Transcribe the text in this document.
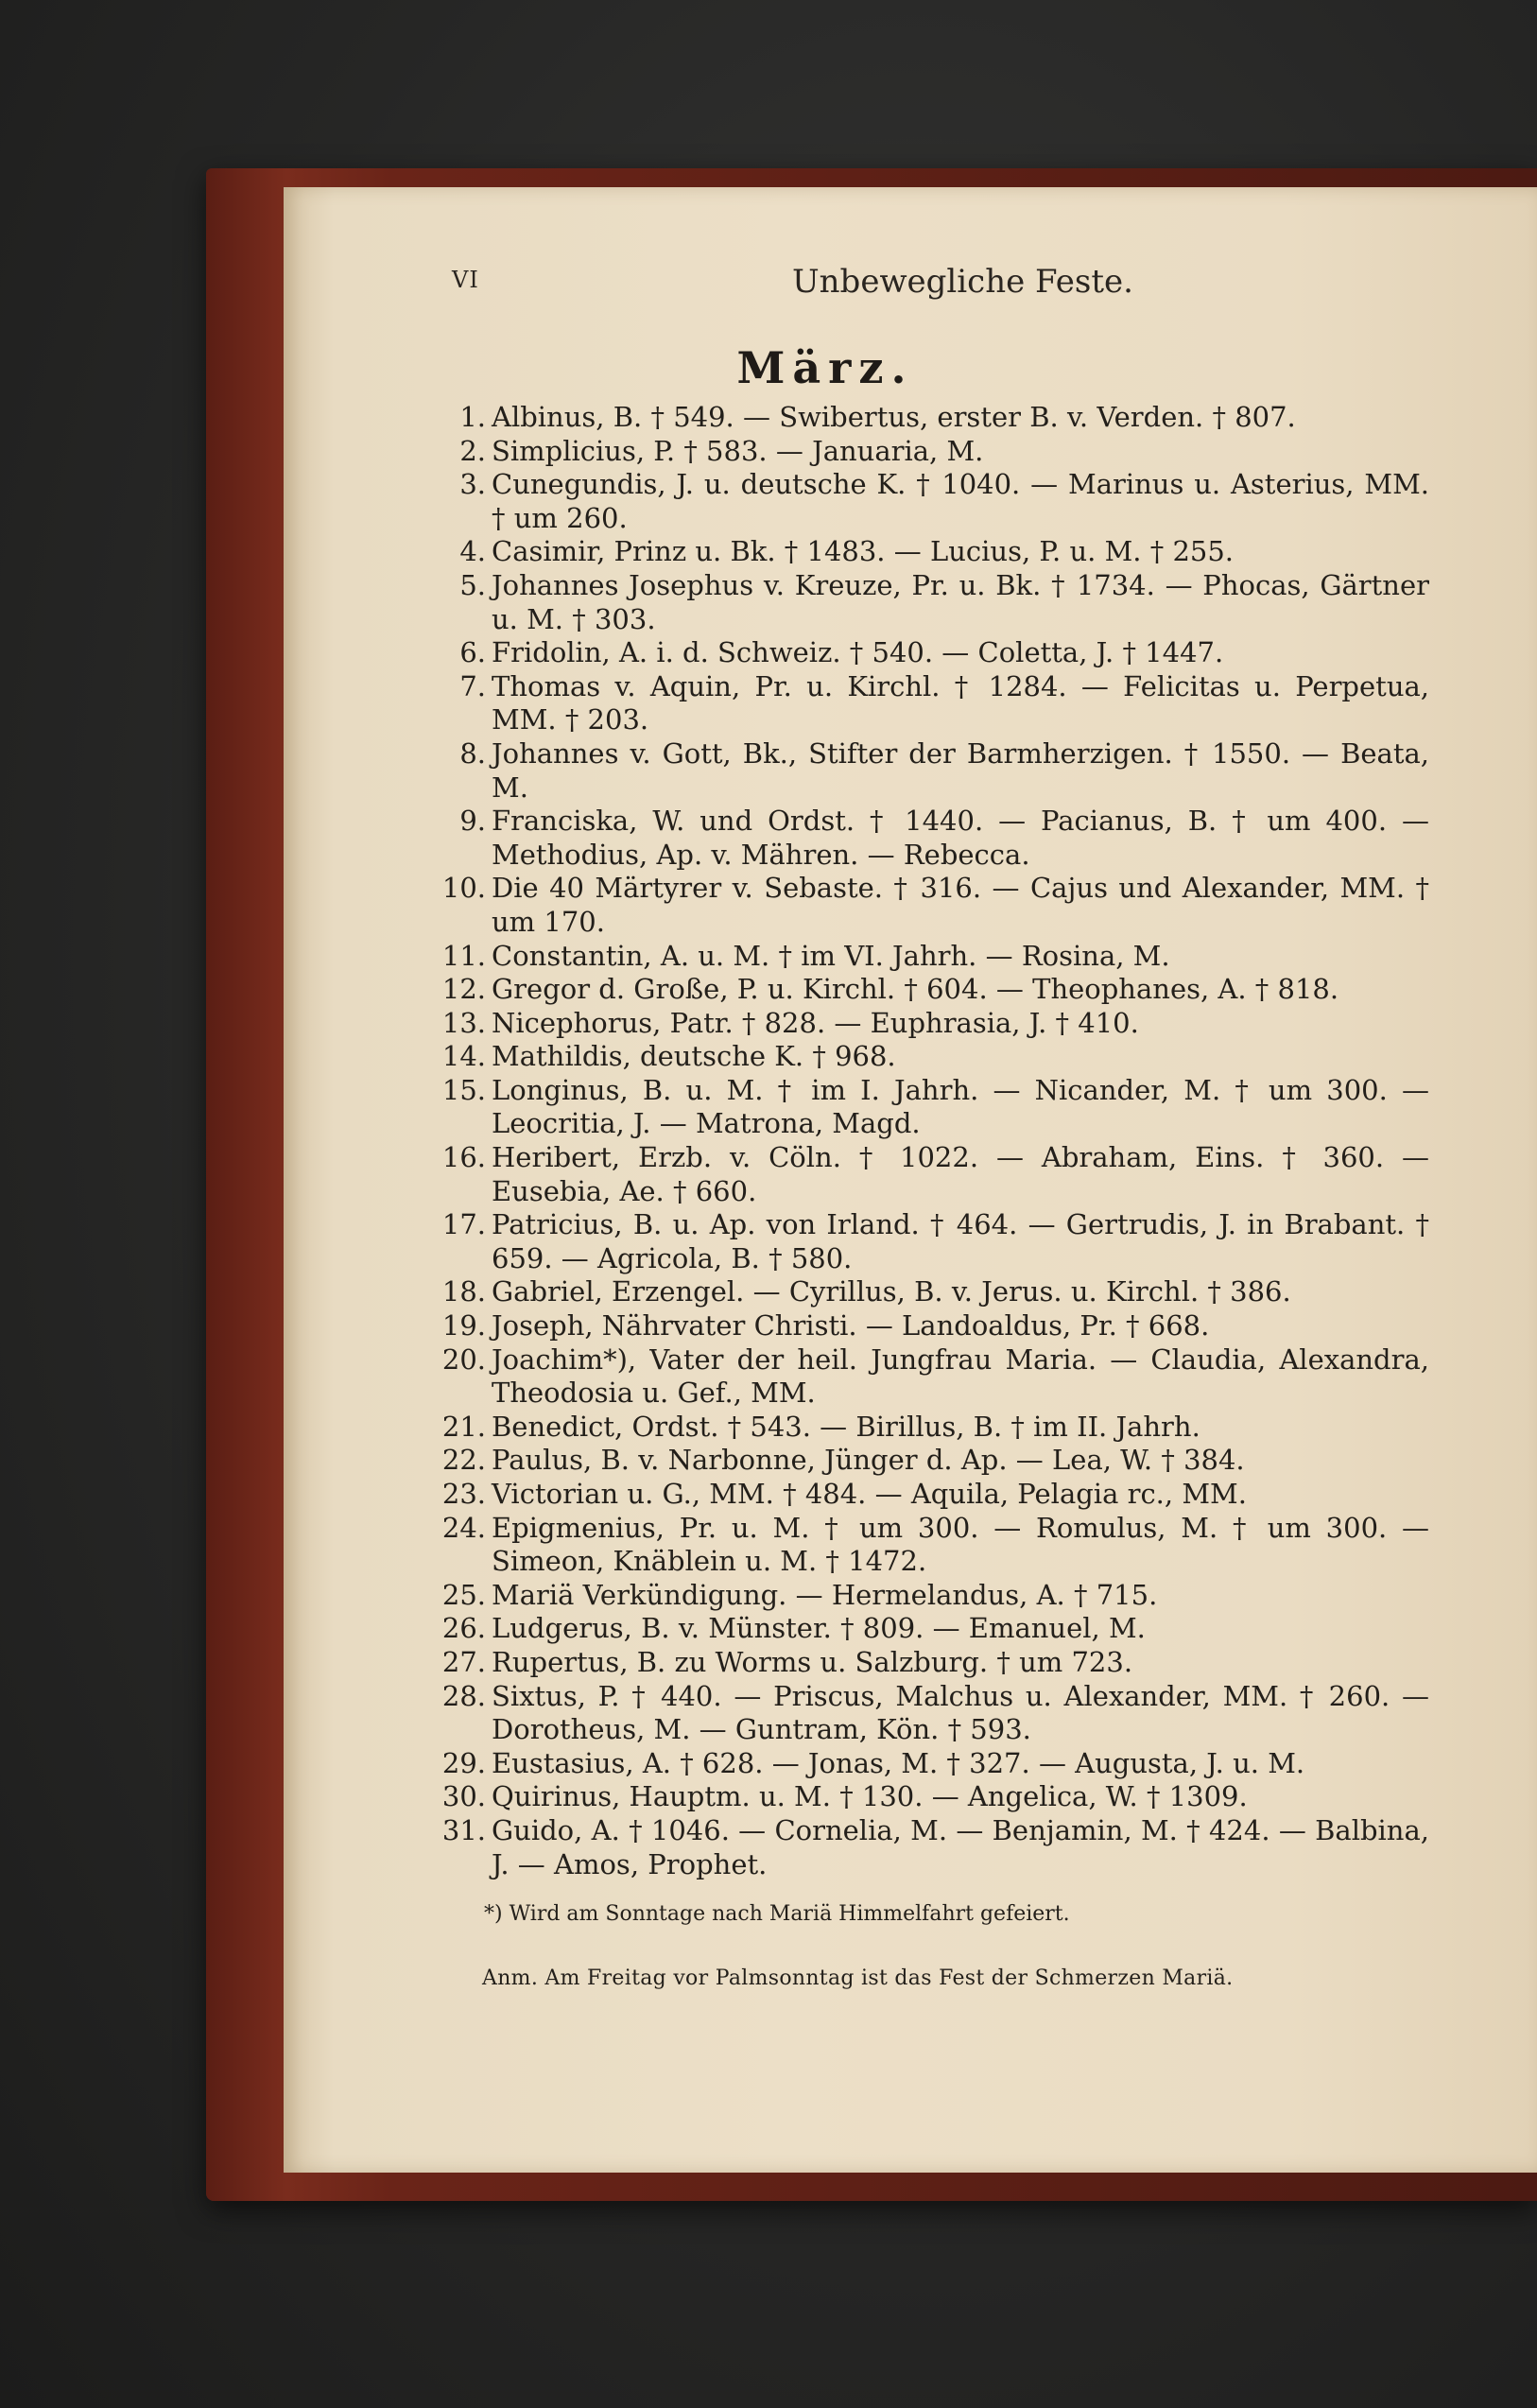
VI	Unbewegliche Feste.
März.
1. Albinus, B. † 549. — Swibertus, erster B. v. Verden. † 807.
2. Simplicius, P. † 583. — Januaria, M.
3. Cunegundis, J. u. deutsche K. † 1040. — Marinus u. Asterius, MM. † um 260.
4. Casimir, Prinz u. Bk. † 1483. — Lucius, P. u. M. † 255.
5. Johannes Josephus v. Kreuze, Pr. u. Bk. † 1734. — Phocas, Gärtner u. M. † 303.
6. Fridolin, A. i. d. Schweiz. † 540. — Coletta, J. † 1447.
7. Thomas v. Aquin, Pr. u. Kirchl. † 1284. — Felicitas u. Perpetua, MM. † 203.
8. Johannes v. Gott, Bk., Stifter der Barmherzigen. † 1550. — Beata, M.
9. Franciska, W. und Ordst. † 1440. — Pacianus, B. † um 400. — Methodius, Ap. v. Mähren. — Rebecca.
10. Die 40 Märtyrer v. Sebaste. † 316. — Cajus und Alexander, MM. † um 170.
11. Constantin, A. u. M. † im VI. Jahrh. — Rosina, M.
12. Gregor d. Große, P. u. Kirchl. † 604. — Theophanes, A. † 818.
13. Nicephorus, Patr. † 828. — Euphrasia, J. † 410.
14. Mathildis, deutsche K. † 968.
15. Longinus, B. u. M. † im I. Jahrh. — Nicander, M. † um 300. — Leocritia, J. — Matrona, Magd.
16. Heribert, Erzb. v. Cöln. † 1022. — Abraham, Eins. † 360. — Eusebia, Ae. † 660.
17. Patricius, B. u. Ap. von Irland. † 464. — Gertrudis, J. in Brabant. † 659. — Agricola, B. † 580.
18. Gabriel, Erzengel. — Cyrillus, B. v. Jerus. u. Kirchl. † 386.
19. Joseph, Nährvater Christi. — Landoaldus, Pr. † 668.
20. Joachim*), Vater der heil. Jungfrau Maria. — Claudia, Alexandra, Theodosia u. Gef., MM.
21. Benedict, Ordst. † 543. — Birillus, B. † im II. Jahrh.
22. Paulus, B. v. Narbonne, Jünger d. Ap. — Lea, W. † 384.
23. Victorian u. G., MM. † 484. — Aquila, Pelagia rc., MM.
24. Epigmenius, Pr. u. M. † um 300. — Romulus, M. † um 300. — Simeon, Knäblein u. M. † 1472.
25. Mariä Verkündigung. — Hermelandus, A. † 715.
26. Ludgerus, B. v. Münster. † 809. — Emanuel, M.
27. Rupertus, B. zu Worms u. Salzburg. † um 723.
28. Sixtus, P. † 440. — Priscus, Malchus u. Alexander, MM. † 260. — Dorotheus, M. — Guntram, Kön. † 593.
29. Eustasius, A. † 628. — Jonas, M. † 327. — Augusta, J. u. M.
30. Quirinus, Hauptm. u. M. † 130. — Angelica, W. † 1309.
31. Guido, A. † 1046. — Cornelia, M. — Benjamin, M. † 424. — Balbina, J. — Amos, Prophet.
*) Wird am Sonntage nach Mariä Himmelfahrt gefeiert.
Anm. Am Freitag vor Palmsonntag ist das Fest der Schmerzen Mariä.
